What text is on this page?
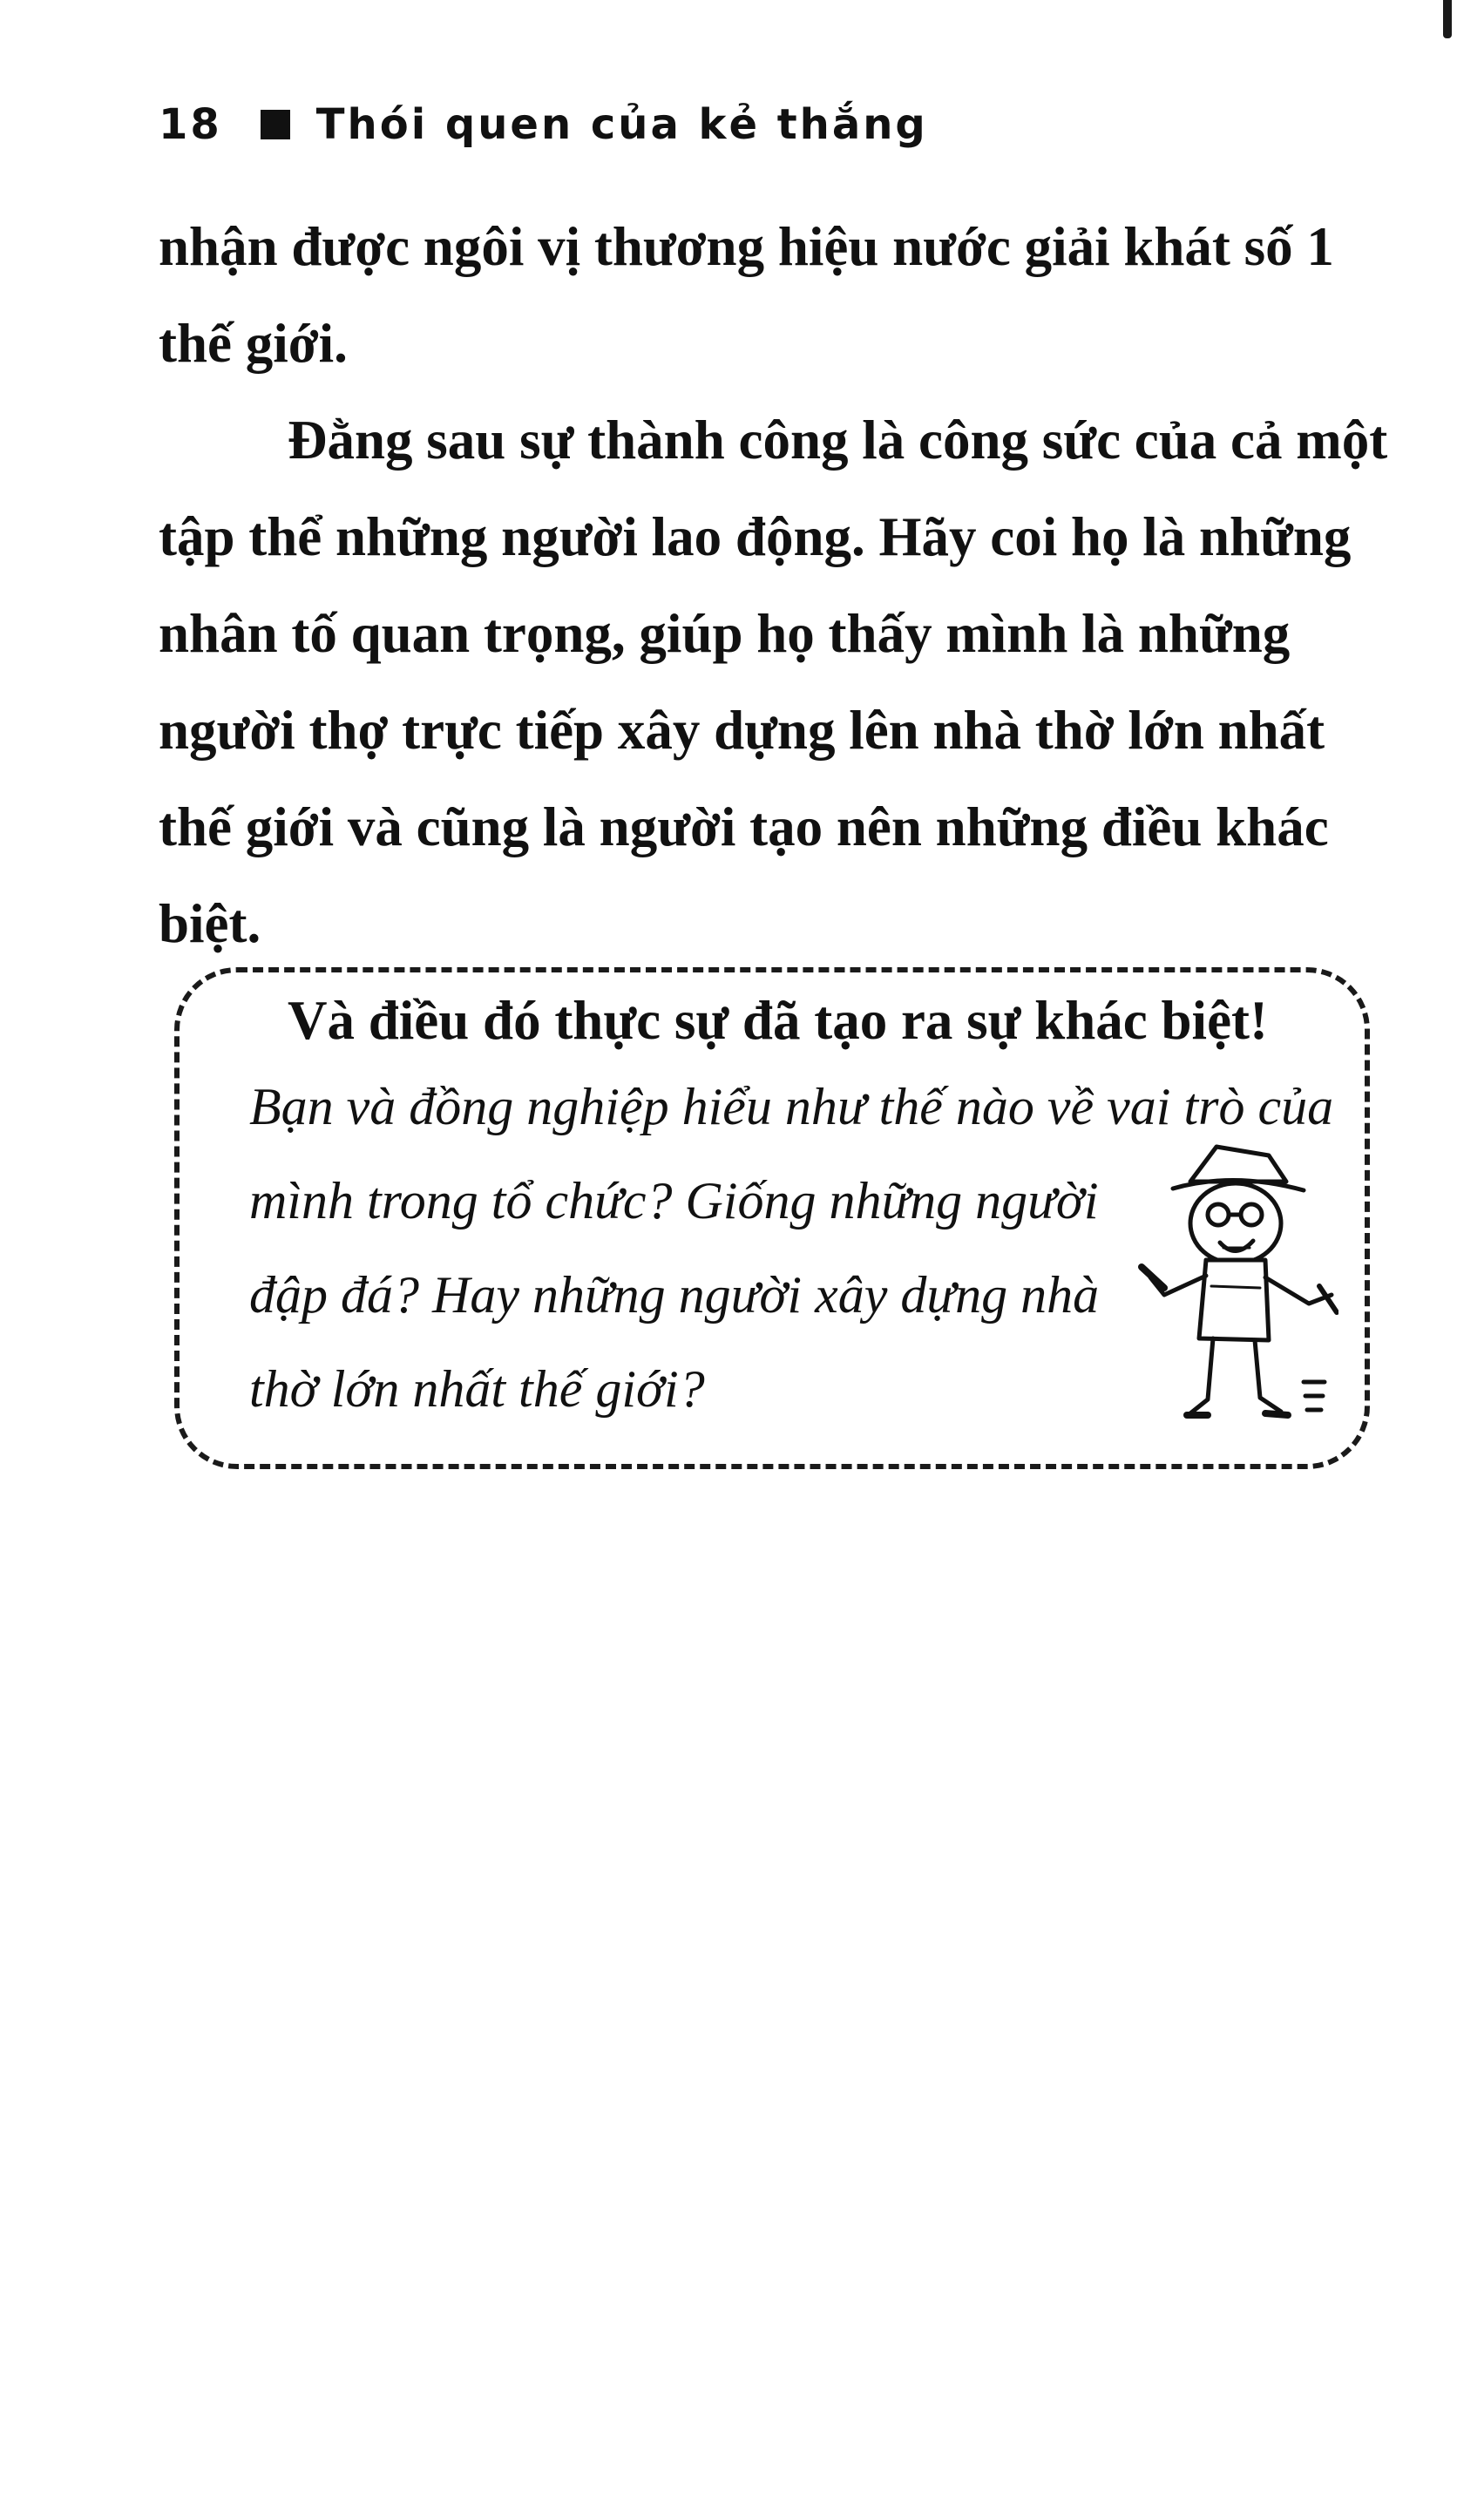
18 Thói quen của kẻ thắng

nhận được ngôi vị thương hiệu nước giải khát số 1 thế giới.

Đằng sau sự thành công là công sức của cả một tập thể những người lao động. Hãy coi họ là những nhân tố quan trọng, giúp họ thấy mình là những người thợ trực tiếp xây dựng lên nhà thờ lớn nhất thế giới và cũng là người tạo nên những điều khác biệt.

Và điều đó thực sự đã tạo ra sự khác biệt!

Bạn và đồng nghiệp hiểu như thế nào về vai trò của
mình trong tổ chức? Giống những người
đập đá? Hay những người xây dựng nhà
thờ lớn nhất thế giới?
